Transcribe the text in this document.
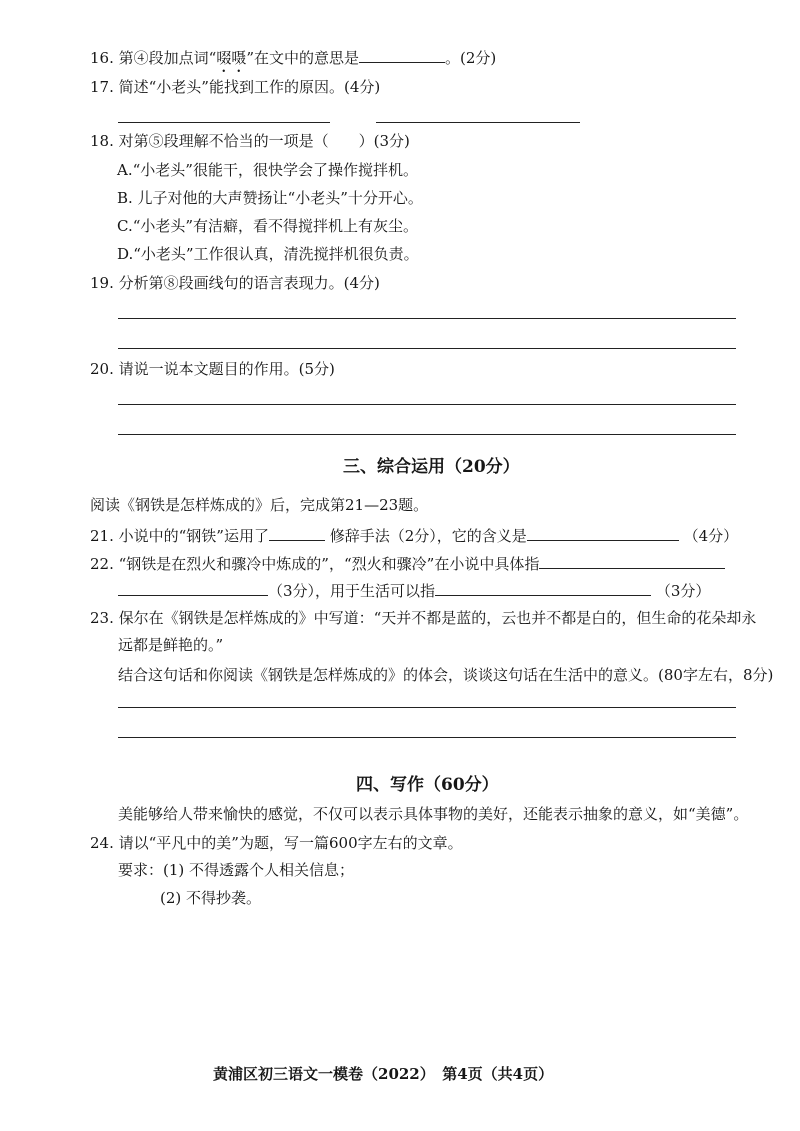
16. 第④段加点词“啜嗫”在文中的意思是	。(2分)
17. 简述“小老头”能找到工作的原因。(4分)
18. 对第⑤段理解不恰当的一项是（　　）(3分)
A.“小老头”很能干，很快学会了操作搅拌机。
B. 儿子对他的大声赞扬让“小老头”十分开心。
C.“小老头”有洁癖，看不得搅拌机上有灰尘。
D.“小老头”工作很认真，清洗搅拌机很负责。
19. 分析第⑧段画线句的语言表现力。(4分)
20. 请说一说本文题目的作用。(5分)
三、综合运用（20分）
阅读《钢铁是怎样炼成的》后，完成第21—23题。
21. 小说中的“钢铁”运用了	修辞手法（2分），它的含义是	（4分）
22. “钢铁是在烈火和骤冷中炼成的”，“烈火和骤冷”在小说中具体指
（3分），用于生活可以指	（3分）
23. 保尔在《钢铁是怎样炼成的》中写道：“天并不都是蓝的，云也并不都是白的，但生命的花朵却永
远都是鲜艳的。”
结合这句话和你阅读《钢铁是怎样炼成的》的体会，谈谈这句话在生活中的意义。(80字左右，8分)
四、写作（60分）
美能够给人带来愉快的感觉，不仅可以表示具体事物的美好，还能表示抽象的意义，如“美德”。
24. 请以“平凡中的美”为题，写一篇600字左右的文章。
要求：(1) 不得透露个人相关信息；
(2) 不得抄袭。
黄浦区初三语文一模卷（2022）　第4页（共4页）
